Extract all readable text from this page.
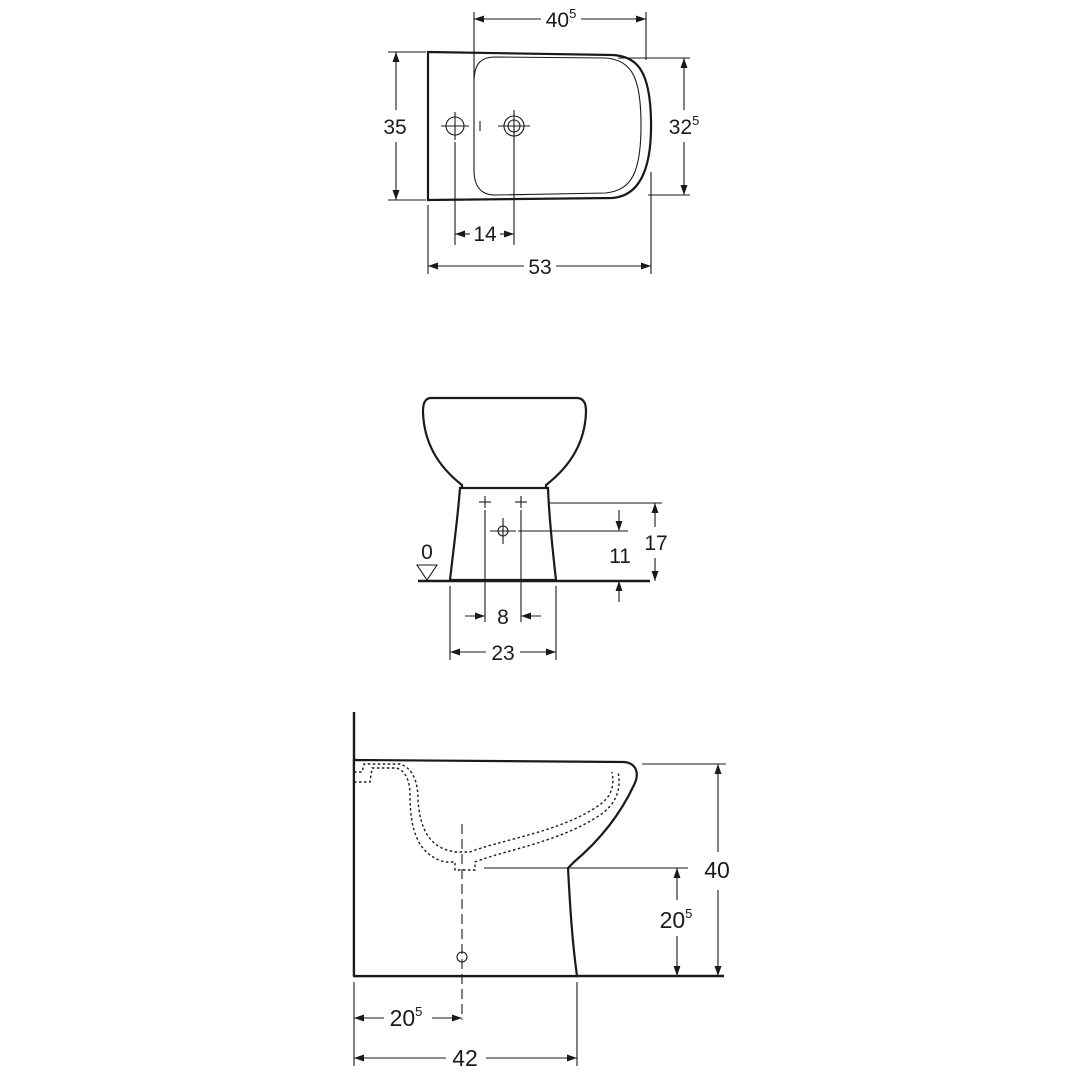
$40^5$
35	$32^5$
14
53
0	17
11
8
23
40
$20^5$
$20^5$
42
